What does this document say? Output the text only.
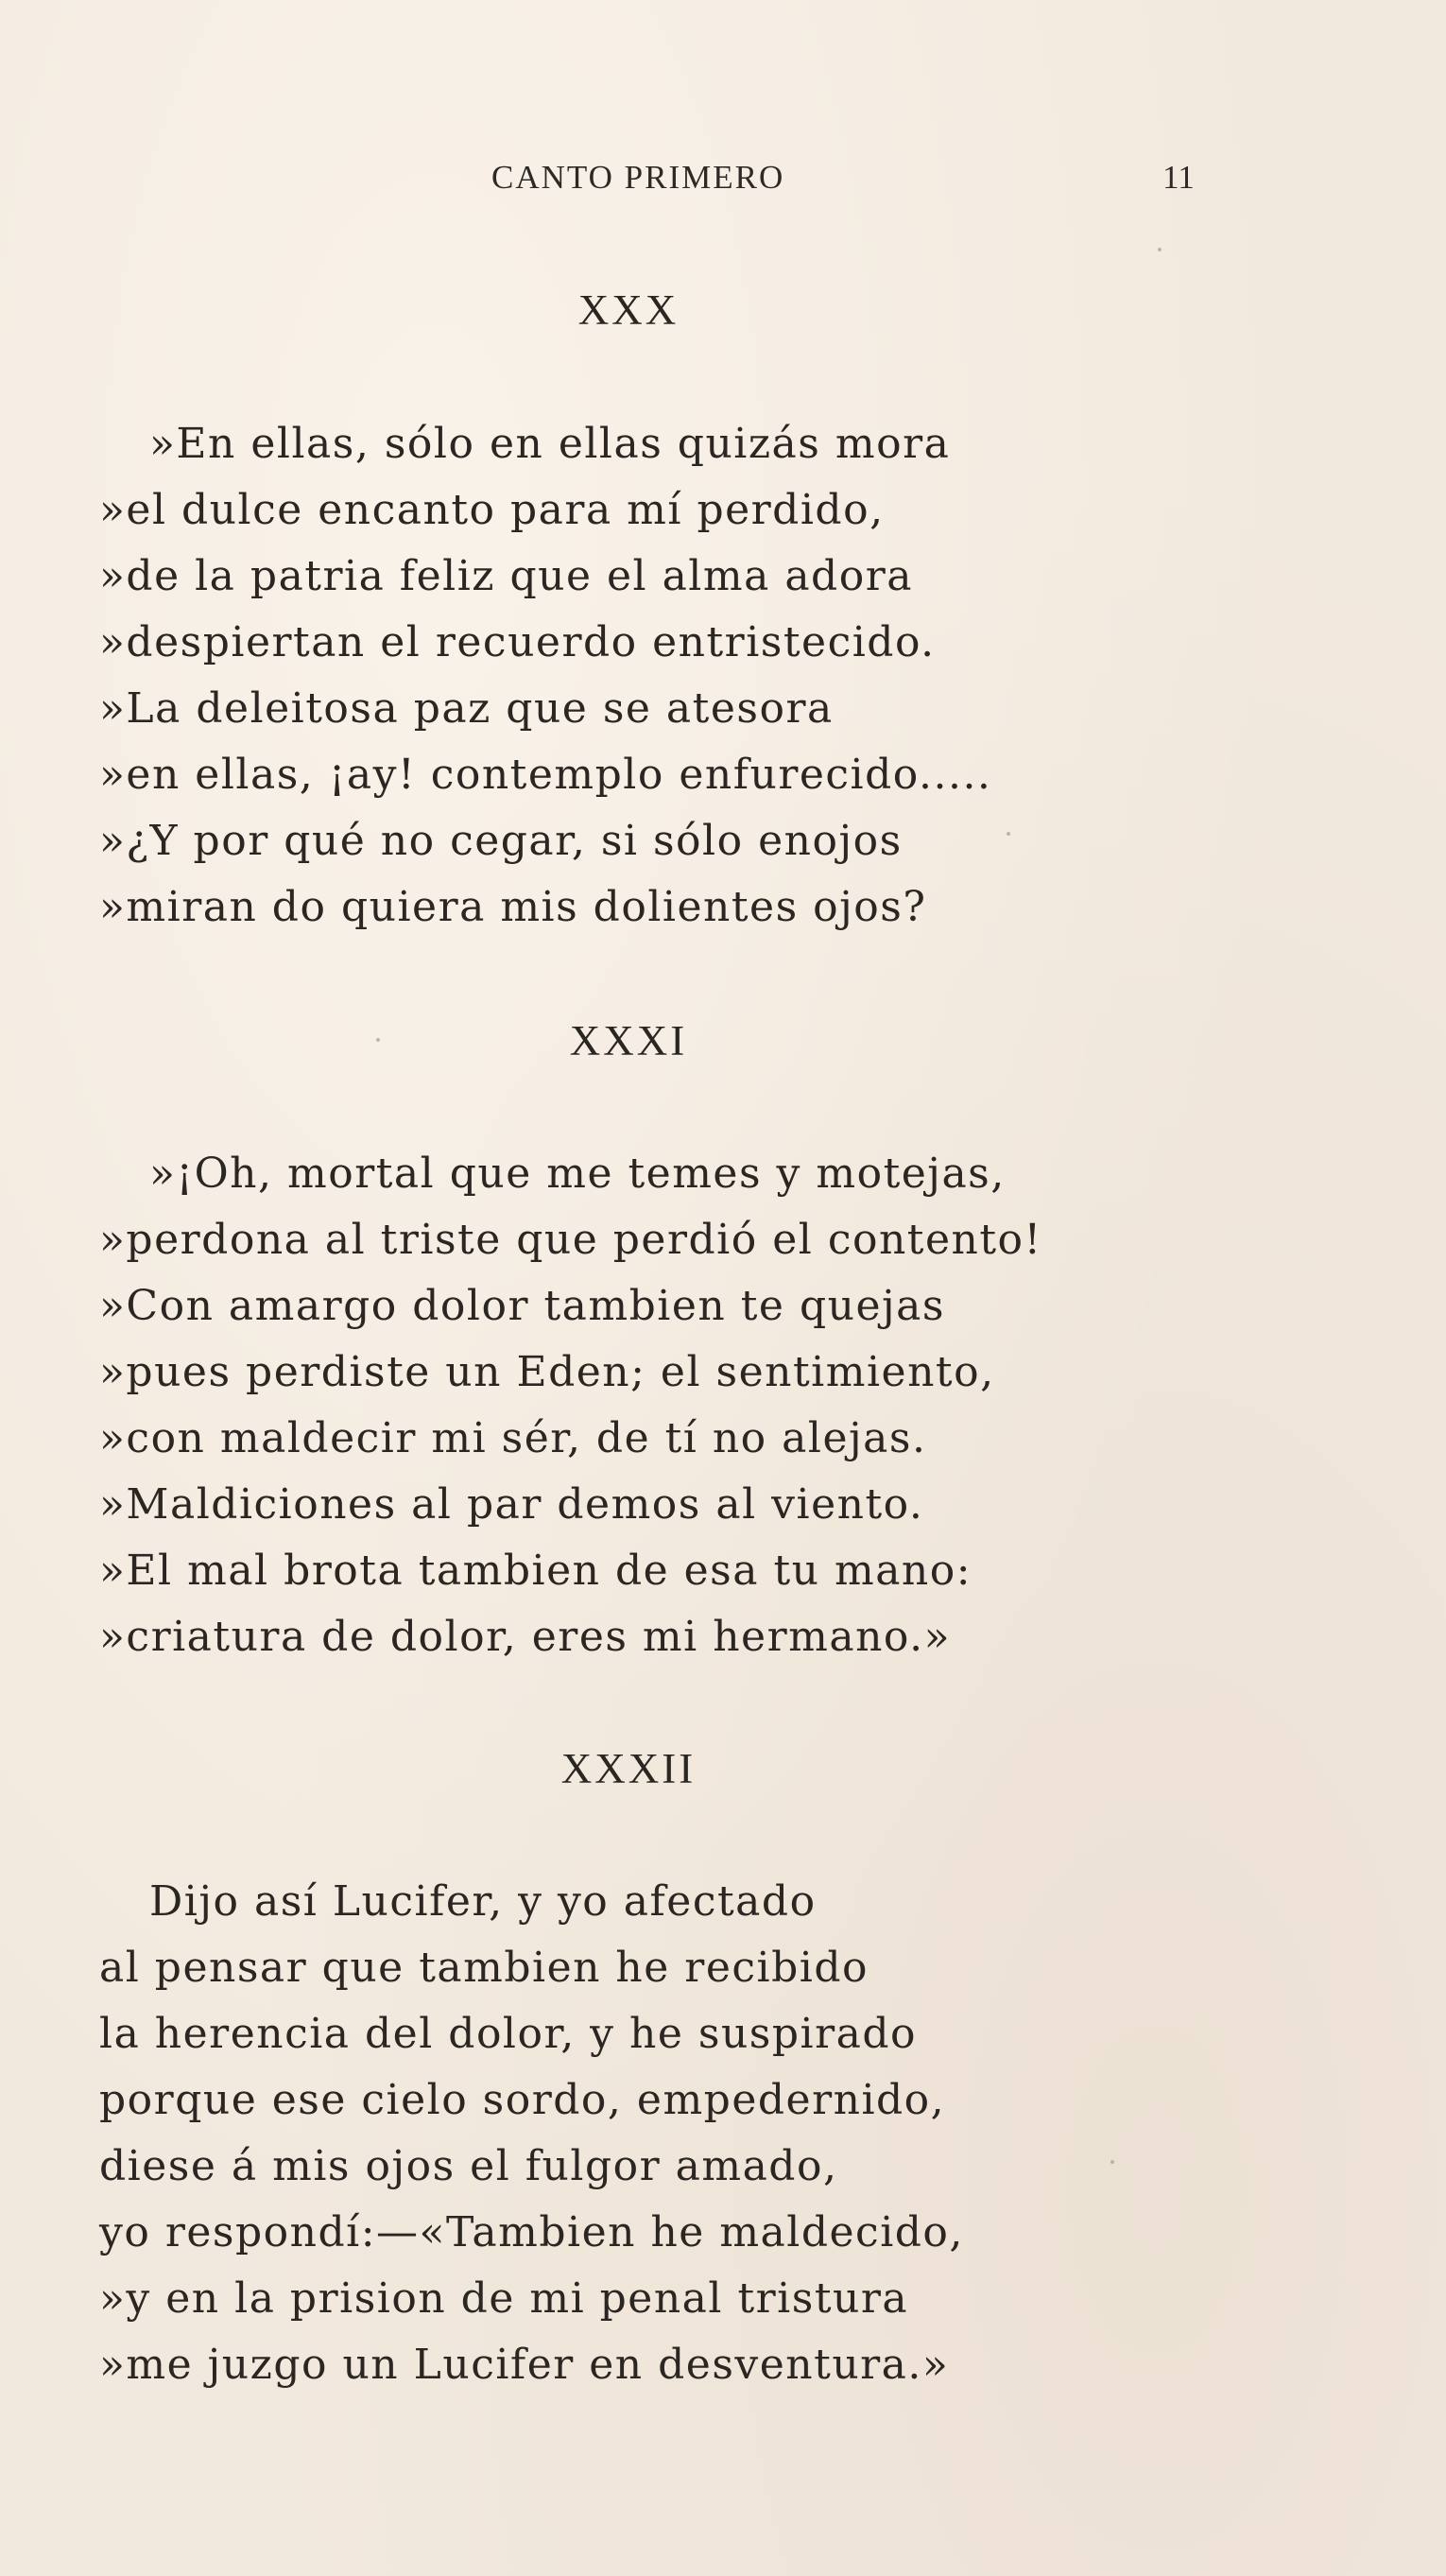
CANTO PRIMERO	11
XXX
»En ellas, sólo en ellas quizás mora
»el dulce encanto para mí perdido,
»de la patria feliz que el alma adora
»despiertan el recuerdo entristecido.
»La deleitosa paz que se atesora
»en ellas, ¡ay! contemplo enfurecido.....
»¿Y por qué no cegar, si sólo enojos
»miran do quiera mis dolientes ojos?
XXXI
»¡Oh, mortal que me temes y motejas,
»perdona al triste que perdió el contento!
»Con amargo dolor tambien te quejas
»pues perdiste un Eden; el sentimiento,
»con maldecir mi sér, de tí no alejas.
»Maldiciones al par demos al viento.
»El mal brota tambien de esa tu mano:
»criatura de dolor, eres mi hermano.»
XXXII
Dijo así Lucifer, y yo afectado
al pensar que tambien he recibido
la herencia del dolor, y he suspirado
porque ese cielo sordo, empedernido,
diese á mis ojos el fulgor amado,
yo respondí:—«Tambien he maldecido,
»y en la prision de mi penal tristura
»me juzgo un Lucifer en desventura.»
